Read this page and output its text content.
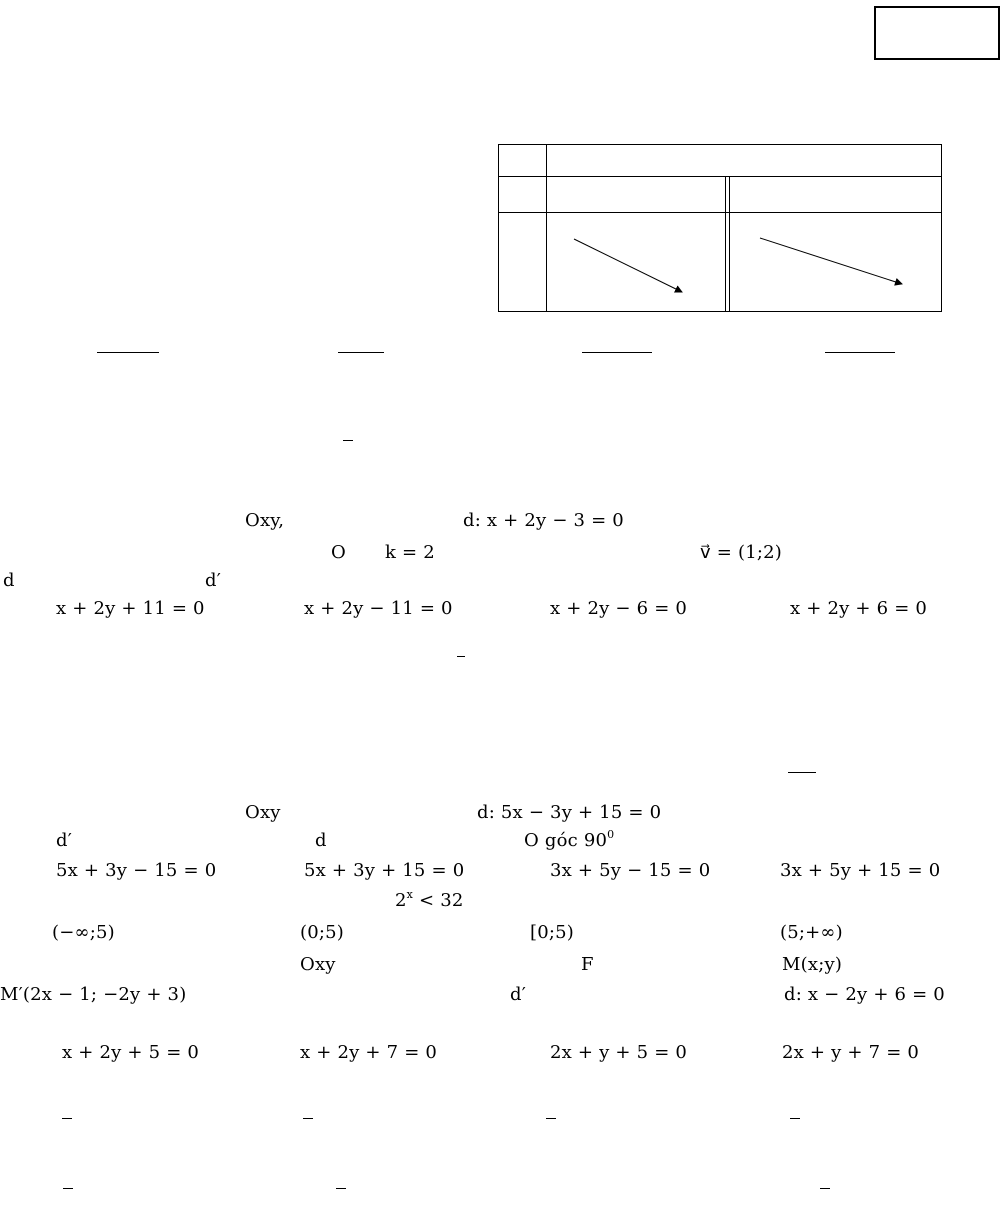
Oxy,	d: x + 2y − 3 = 0
O k = 2	v⃗ = (1;2)
d	d′
x + 2y + 11 = 0	x + 2y − 11 = 0	x + 2y − 6 = 0	x + 2y + 6 = 0
Oxy	d: 5x − 3y + 15 = 0
d′	d	O góc $90^0$
5x + 3y − 15 = 0	5x + 3y + 15 = 0	3x + 5y − 15 = 0	3x + 5y + 15 = 0
$2^x < 32$
(−∞;5)	(0;5)	[0;5)	(5;+∞)
Oxy	F	M(x;y)
M′(2x − 1; −2y + 3)	d′	d: x − 2y + 6 = 0
x + 2y + 5 = 0	x + 2y + 7 = 0	2x + y + 5 = 0	2x + y + 7 = 0
